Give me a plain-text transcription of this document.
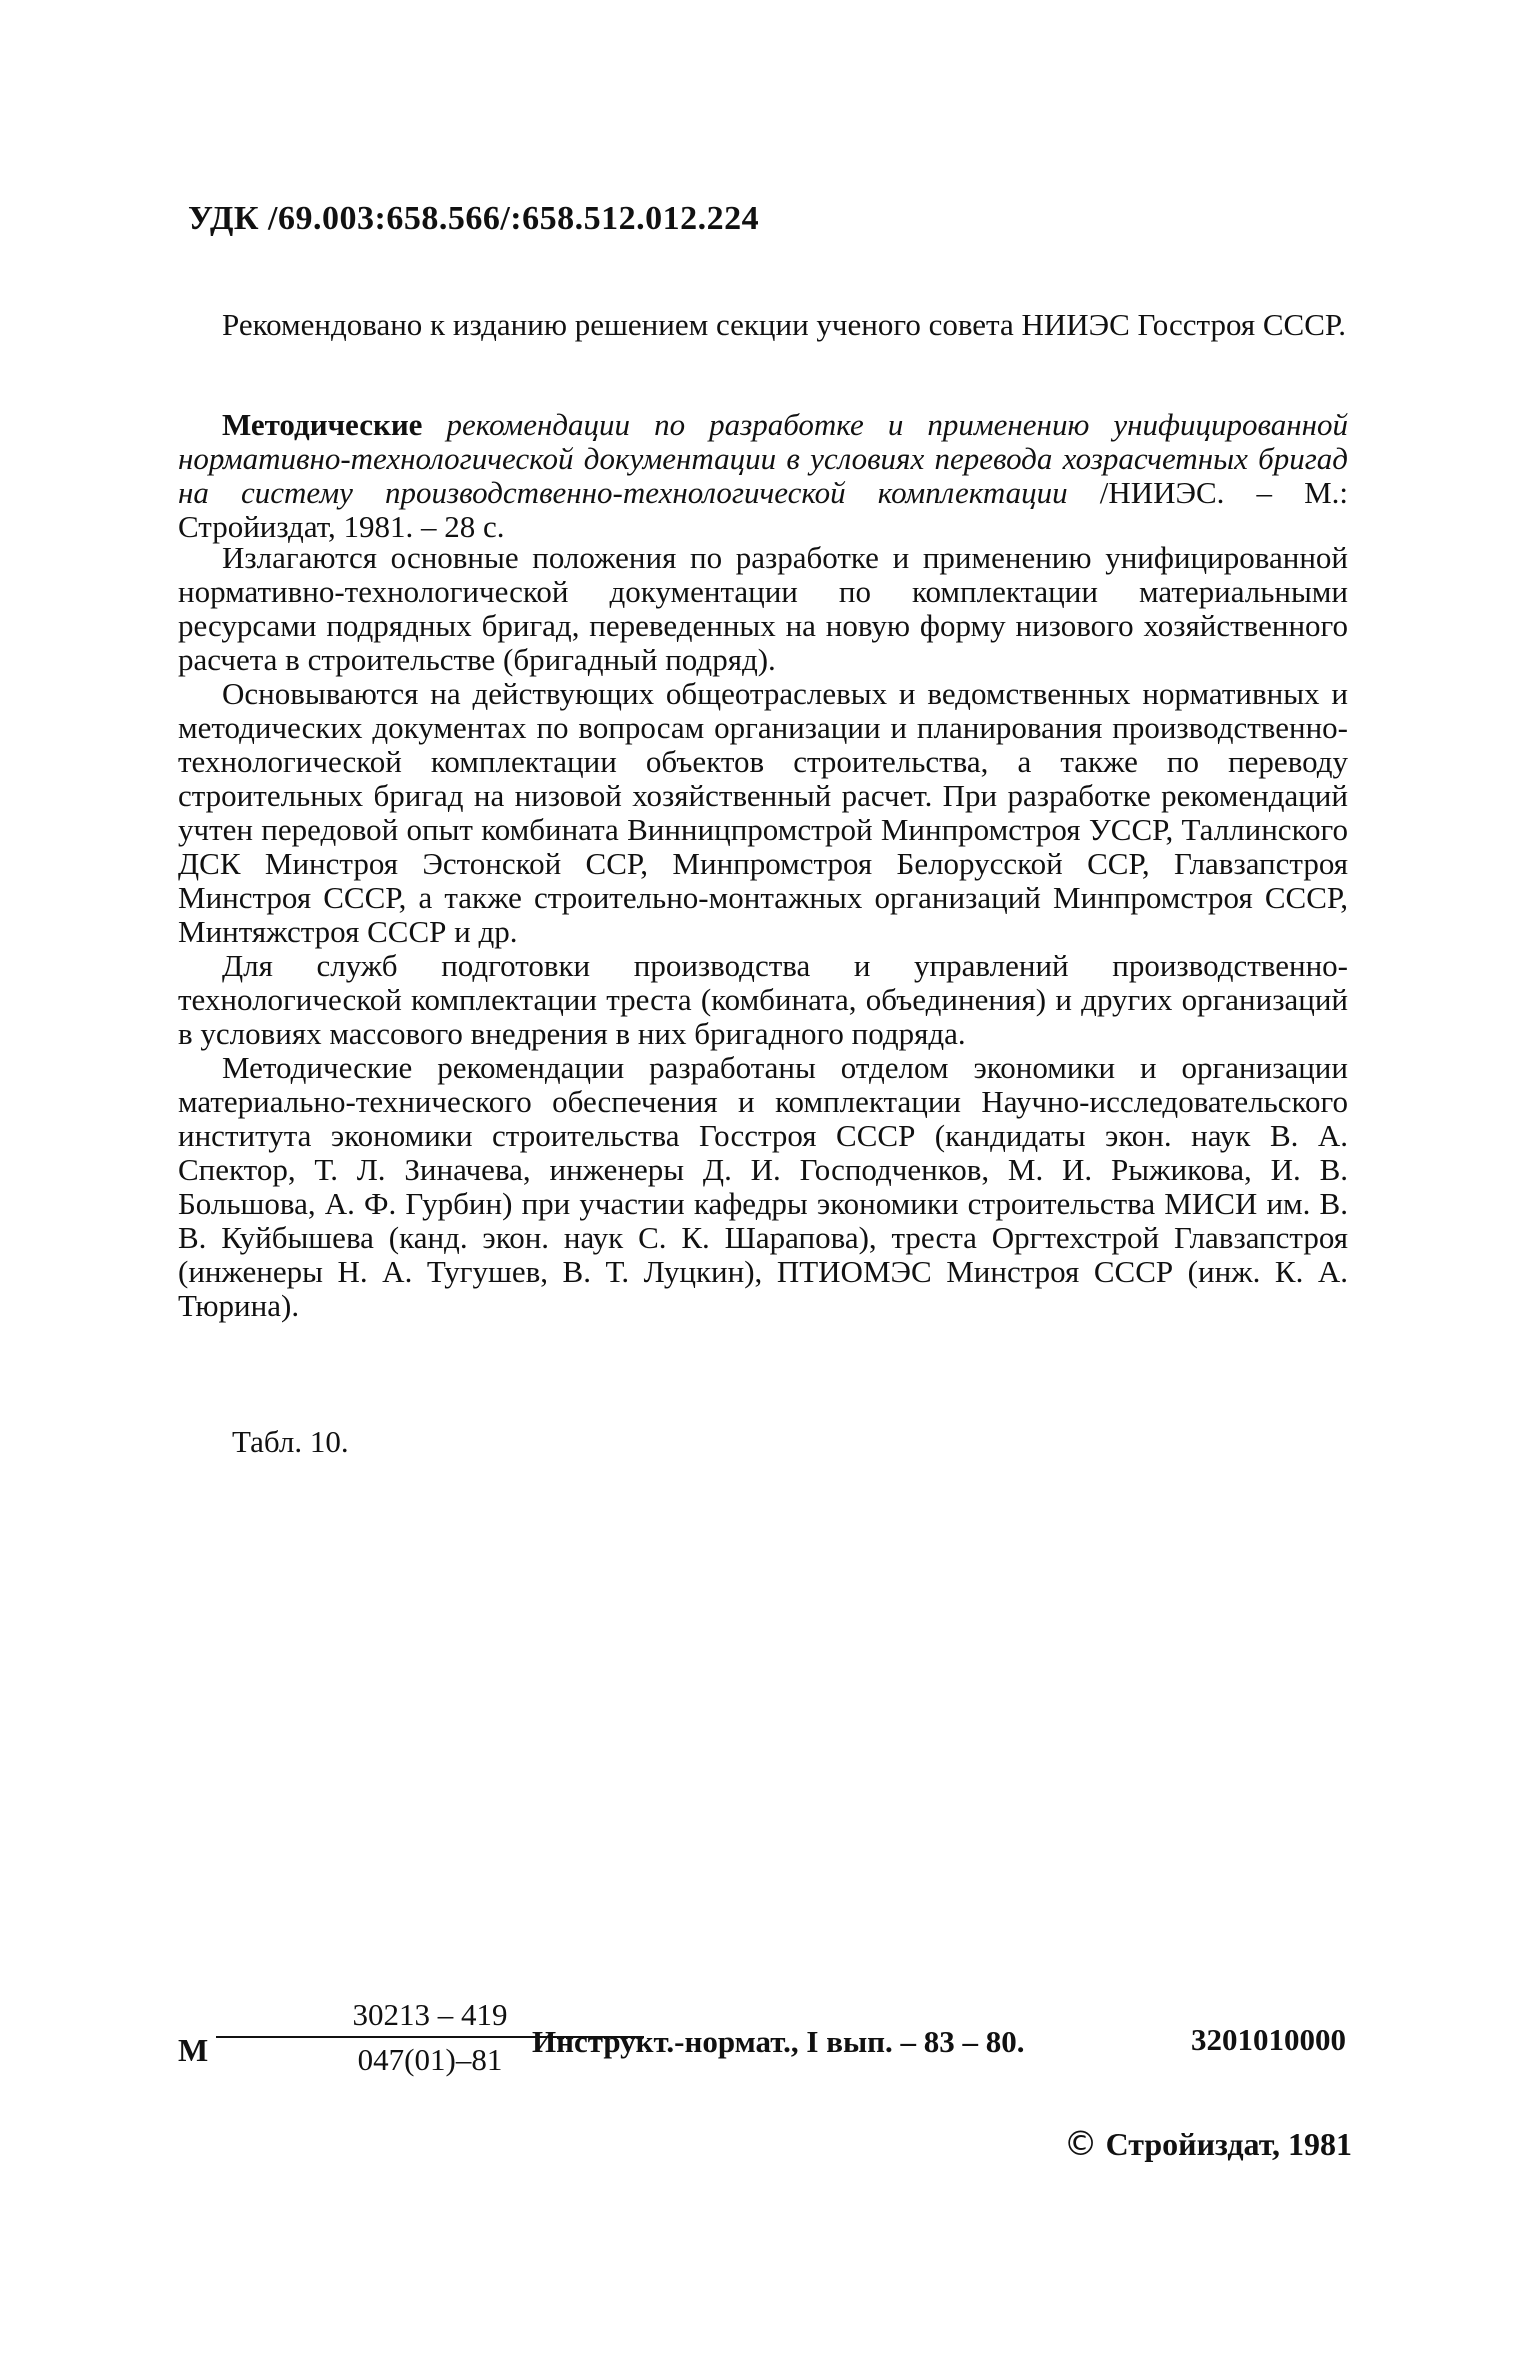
УДК /69.003:658.566/:658.512.012.224

Рекомендовано к изданию решением секции ученого совета НИИЭС Госстроя СССР.

Методические рекомендации по разработке и применению унифицированной нормативно-технологической документации в условиях перевода хозрасчетных бригад на систему производственно-технологической комплектации /НИИЭС. – М.: Стройиздат, 1981. – 28 с.

Излагаются основные положения по разработке и применению унифицированной нормативно-технологической документации по комплектации материальными ресурсами подрядных бригад, переведенных на новую форму низового хозяйственного расчета в строительстве (бригадный подряд).

Основываются на действующих общеотраслевых и ведомственных нормативных и методических документах по вопросам организации и планирования производственно-технологической комплектации объектов строительства, а также по переводу строительных бригад на низовой хозяйственный расчет. При разработке рекомендаций учтен передовой опыт комбината Винницпромстрой Минпромстроя УССР, Таллинского ДСК Минстроя Эстонской ССР, Минпромстроя Белорусской ССР, Главзапстроя Минстроя СССР, а также строительно-монтажных организаций Минпромстроя СССР, Минтяжстроя СССР и др.

Для служб подготовки производства и управлений производственно-технологической комплектации треста (комбината, объединения) и других организаций в условиях массового внедрения в них бригадного подряда.

Методические рекомендации разработаны отделом экономики и организации материально-технического обеспечения и комплектации Научно-исследовательского института экономики строительства Госстроя СССР (кандидаты экон. наук В. А. Спектор, Т. Л. Зиначева, инженеры Д. И. Господченков, М. И. Рыжикова, И. В. Большова, А. Ф. Гурбин) при участии кафедры экономики строительства МИСИ им. В. В. Куйбышева (канд. экон. наук С. К. Шарапова), треста Оргтехстрой Главзапстроя (инженеры Н. А. Тугушев, В. Т. Луцкин), ПТИОМЭС Минстроя СССР (инж. К. А. Тюрина).

Табл. 10.
М $\frac{30213 - 419}{047(01)-81}$
Инструкт.-нормат., I вып. – 83 – 80.	3201010000
© Стройиздат, 1981
